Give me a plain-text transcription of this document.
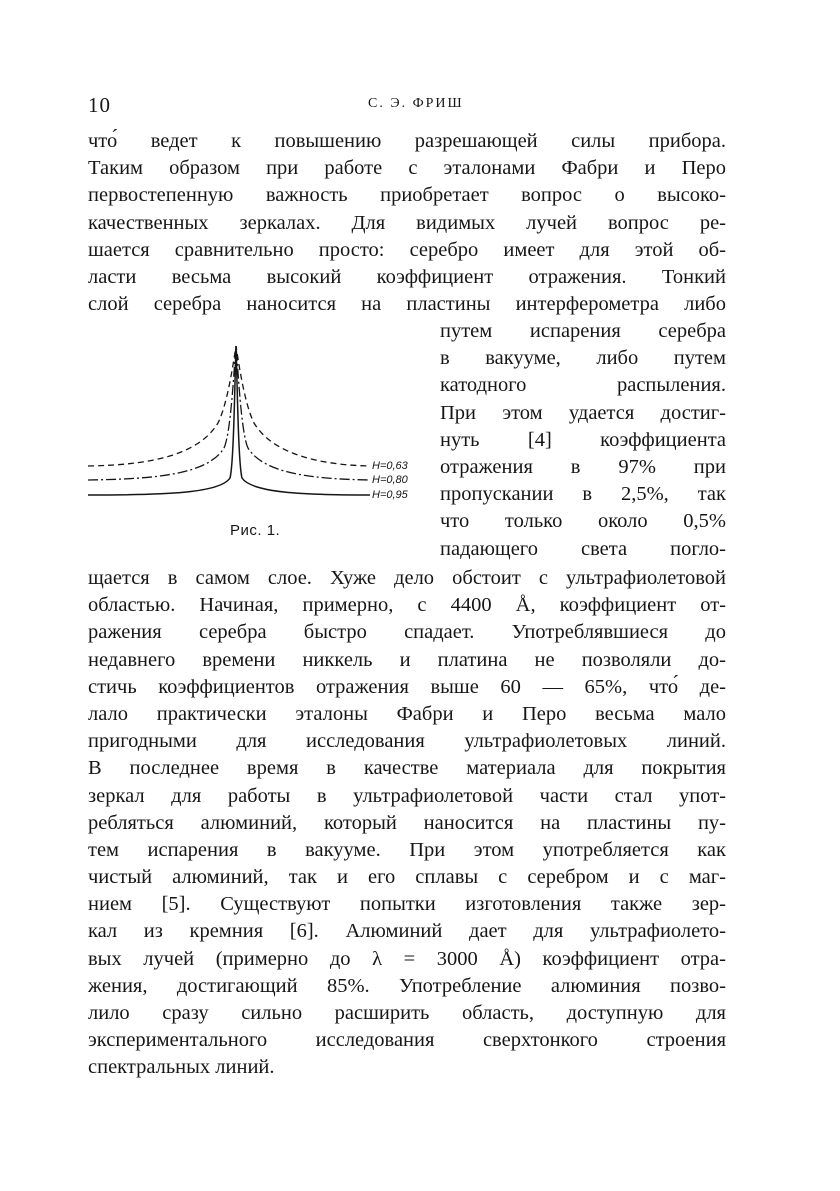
10	С. Э. ФРИШ
что́ ведет к повышению разрешающей силы прибора.
Таким образом при работе с эталонами Фабри и Перо
первостепенную важность приобретает вопрос о высоко-
качественных зеркалах. Для видимых лучей вопрос ре-
шается сравнительно просто: серебро имеет для этой об-
ласти весьма высокий коэффициент отражения. Тонкий
слой серебра наносится на пластины интерферометра либо
путем испарения серебра
в вакууме, либо путем
катодного распыления.
При этом удается достиг-
нуть [4] коэффициента
отражения в 97% при
пропускании в 2,5%, так
что только около 0,5%
падающего света погло-
H=0,63
H=0,80
H=0,95
Рис. 1.
щается в самом слое. Хуже дело обстоит с ультрафиолетовой
областью. Начиная, примерно, с 4400 Å, коэффициент от-
ражения серебра быстро спадает. Употреблявшиеся до
недавнего времени никкель и платина не позволяли до-
стичь коэффициентов отражения выше 60 — 65%, что́ де-
лало практически эталоны Фабри и Перо весьма мало
пригодными для исследования ультрафиолетовых линий.
В последнее время в качестве материала для покрытия
зеркал для работы в ультрафиолетовой части стал упот-
ребляться алюминий, который наносится на пластины пу-
тем испарения в вакууме. При этом употребляется как
чистый алюминий, так и его сплавы с серебром и с маг-
нием [5]. Существуют попытки изготовления также зер-
кал из кремния [6]. Алюминий дает для ультрафиолето-
вых лучей (примерно до λ = 3000 Å) коэффициент отра-
жения, достигающий 85%. Употребление алюминия позво-
лило сразу сильно расширить область, доступную для
экспериментального исследования сверхтонкого строения
спектральных линий.
